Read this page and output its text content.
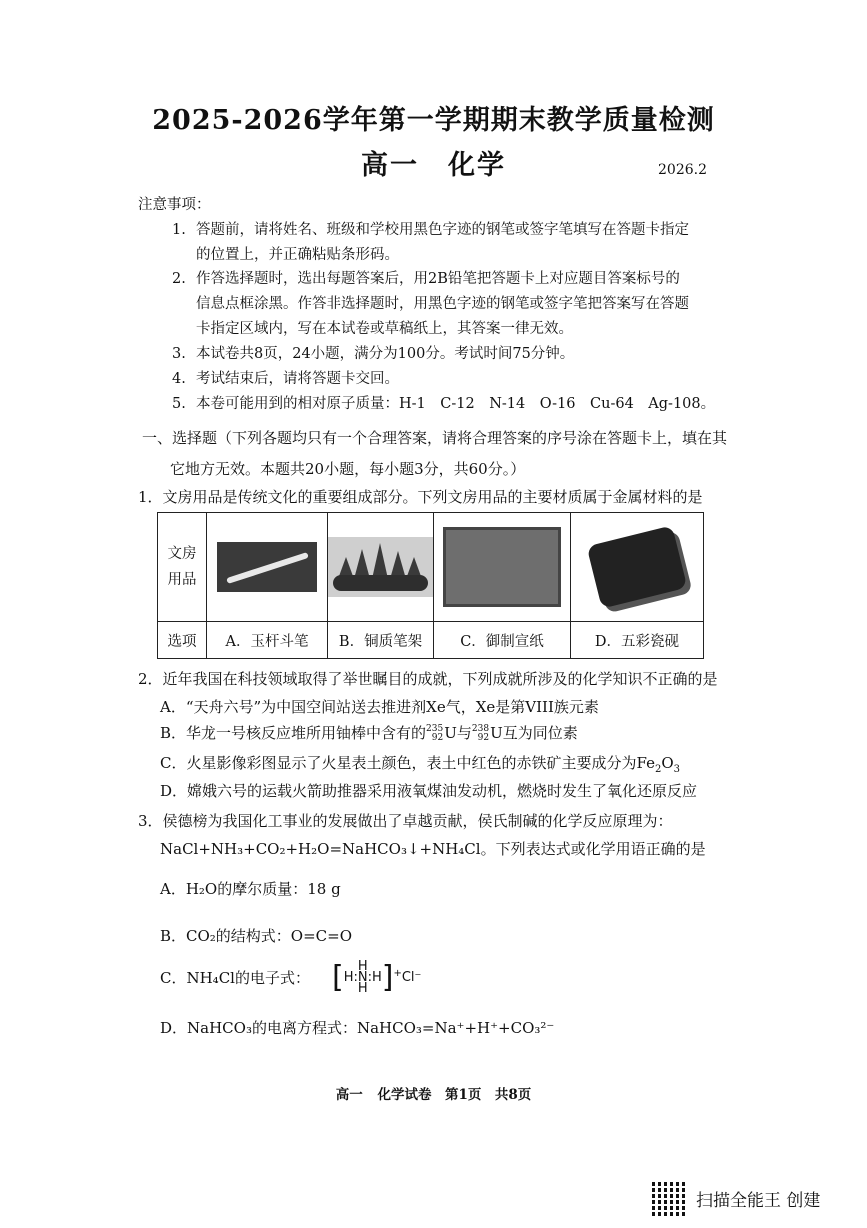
2025-2026学年第一学期期末教学质量检测
高一　化学	2026.2
注意事项：
1. 答题前，请将姓名、班级和学校用黑色字迹的钢笔或签字笔填写在答题卡指定
的位置上，并正确粘贴条形码。
2. 作答选择题时，选出每题答案后，用2B铅笔把答题卡上对应题目答案标号的
信息点框涂黑。作答非选择题时，用黑色字迹的钢笔或签字笔把答案写在答题
卡指定区域内，写在本试卷或草稿纸上，其答案一律无效。
3. 本试卷共8页，24小题，满分为100分。考试时间75分钟。
4. 考试结束后，请将答题卡交回。
5. 本卷可能用到的相对原子质量：H-1　C-12　N-14　O-16　Cu-64　Ag-108。
一、选择题（下列各题均只有一个合理答案，请将合理答案的序号涂在答题卡上，填在其
它地方无效。本题共20小题，每小题3分，共60分。）
1．文房用品是传统文化的重要组成部分。下列文房用品的主要材质属于金属材料的是
文房用品	

选项	A．玉杆斗笔	B．铜质笔架	C．御制宣纸	D．五彩瓷砚
2．近年我国在科技领域取得了举世瞩目的成就，下列成就所涉及的化学知识不正确的是
A．“天舟六号”为中国空间站送去推进剂Xe气，Xe是第VIII族元素
B．华龙一号核反应堆所用铀棒中含有的235
92U与238
92U互为同位素
C．火星影像彩图显示了火星表土颜色，表土中红色的赤铁矿主要成分为$Fe_2O_3$
D．嫦娥六号的运载火箭助推器采用液氧煤油发动机，燃烧时发生了氧化还原反应
3．侯德榜为我国化工事业的发展做出了卓越贡献，侯氏制碱的化学反应原理为：
NaCl+NH₃+CO₂+H₂O=NaHCO₃↓+NH₄Cl。下列表达式或化学用语正确的是
A．H₂O的摩尔质量：18 g
B．CO₂的结构式：O=C=O
C．NH₄Cl的电子式： [ H
H:N:H
H ]+Cl⁻
D．NaHCO₃的电离方程式：NaHCO₃=Na⁺+H⁺+CO₃²⁻
高一 化学试卷　第1页　共8页
扫描全能王 创建
